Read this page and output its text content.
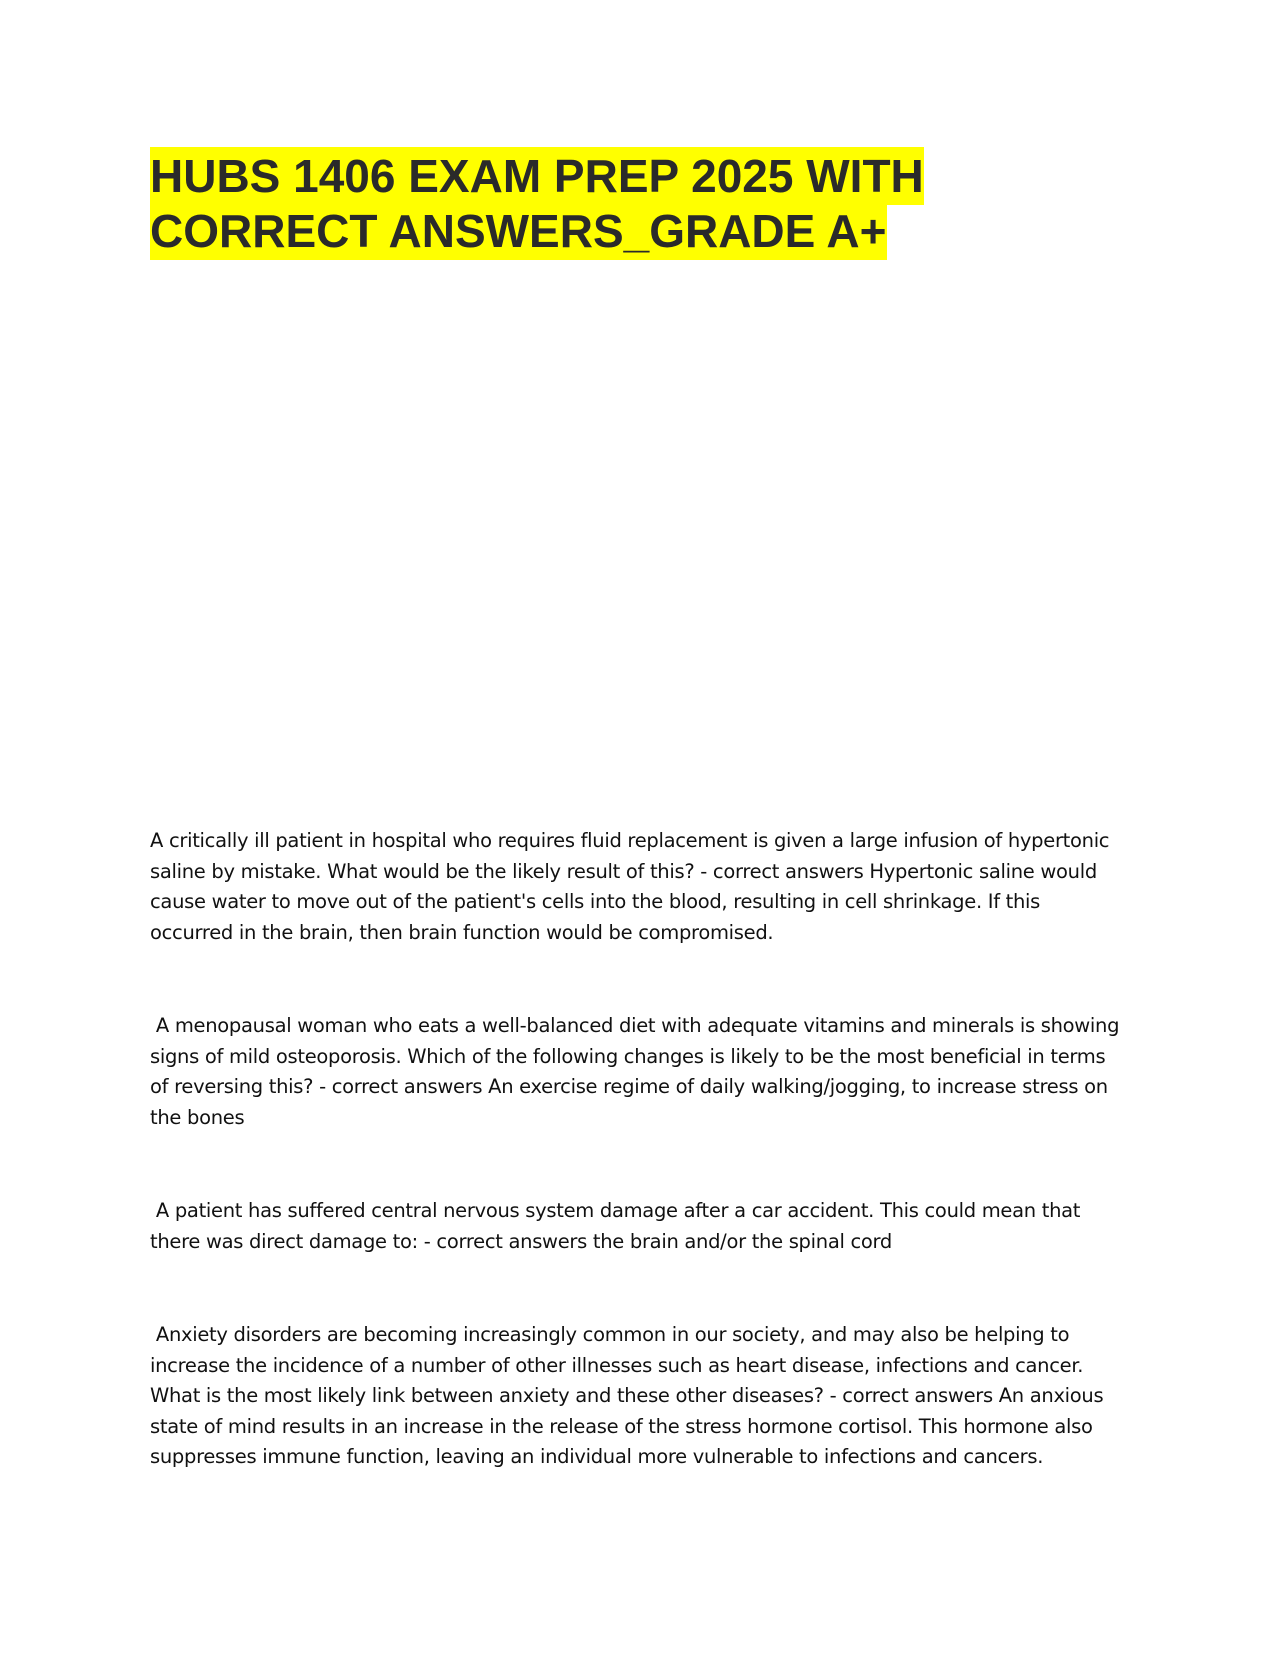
HUBS 1406 EXAM PREP 2025 WITH CORRECT ANSWERS_GRADE A+

A critically ill patient in hospital who requires fluid replacement is given a large infusion of hypertonic saline by mistake. What would be the likely result of this? - correct answers Hypertonic saline would cause water to move out of the patient's cells into the blood, resulting in cell shrinkage. If this occurred in the brain, then brain function would be compromised.

A menopausal woman who eats a well-balanced diet with adequate vitamins and minerals is showing signs of mild osteoporosis. Which of the following changes is likely to be the most beneficial in terms of reversing this? - correct answers An exercise regime of daily walking/jogging, to increase stress on the bones

A patient has suffered central nervous system damage after a car accident. This could mean that there was direct damage to: - correct answers the brain and/or the spinal cord

Anxiety disorders are becoming increasingly common in our society, and may also be helping to increase the incidence of a number of other illnesses such as heart disease, infections and cancer. What is the most likely link between anxiety and these other diseases? - correct answers An anxious state of mind results in an increase in the release of the stress hormone cortisol. This hormone also suppresses immune function, leaving an individual more vulnerable to infections and cancers.
